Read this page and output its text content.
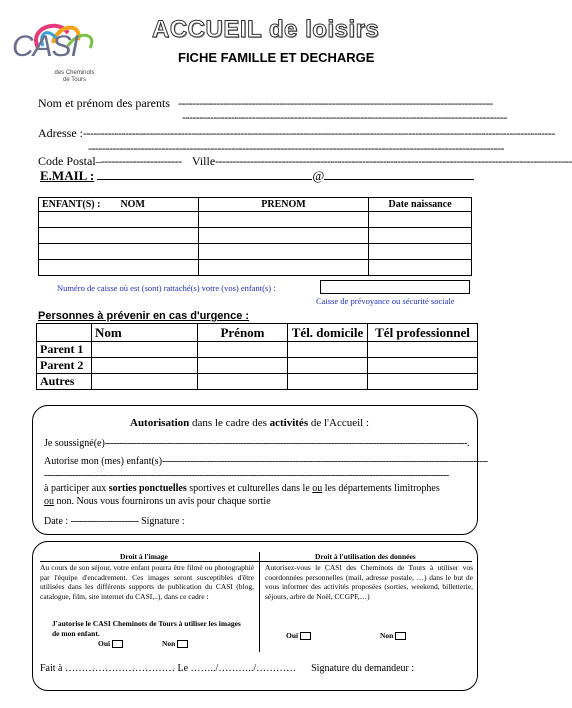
CASI
des Cheminots de Tours
ACCUEIL de loisirs
FICHE FAMILLE ET DECHARGE
Nom et prénom des parents   ------------------------------------------------------------------------------------------
---------------------------------------------------------------------------------------------
Adresse :---------------------------------------------------------------------------------------------------------------------------------------
-----------------------------------------------------------------------------------------------------------------------
Code Postal–-----------------------    Ville------------------------------------------------------------------------------------------------------
E.MAIL :	@
ENFANT(S) : NOM	PRENOM	Date naissance

Numéro de caisse où est (sont) rattaché(s) votre (vos) enfant(s) :
Caisse de prévoyance ou sécurité sociale
Personnes à prévenir en cas d'urgence :
	Nom	Prénom	Tél. domicile	Tél professionnel
Parent 1				
Parent 2				
Autres				
Autorisation dans le cadre des activités de l'Accueil :
Je soussigné(e)--------------------------------------------------------------------------------------------------------------------------------.
Autorise mon (mes) enfant(s)-------------------------------------------------------------------------------------------------------------------
-----------------------------------------------------------------------------------------------------------------------------------------------
à participer aux sorties ponctuelles sportives et culturelles dans le ou les départements limitrophes
ou non. Nous vous fournirons un avis pour chaque sortie
Date : ------------------------ Signature :
Droit à l'image
Au cours de son séjour, votre enfant pourra être filmé ou photographié par l'équipe d'encadrement. Ces images seront susceptibles d'être utilisées dans les différents supports de publication du CASI (blog, catalogue, film, site internet du CASI,..), dans ce cadre :
J'autorise le CASI Cheminots de Tours à utiliser les images de mon enfant.
Oui	Non
Droit à l'utilisation des données
Autorisez-vous le CASI des Cheminots de Tours à utiliser vos coordonnées personnelles (mail, adresse postale, …) dans le but de vous informer des activités proposées (sorties, weekend, billetterie, séjours, arbre de Noël, CCGPF,…)
Oui	Non
Fait à …………………………… Le ……../………../…………      Signature du demandeur :
